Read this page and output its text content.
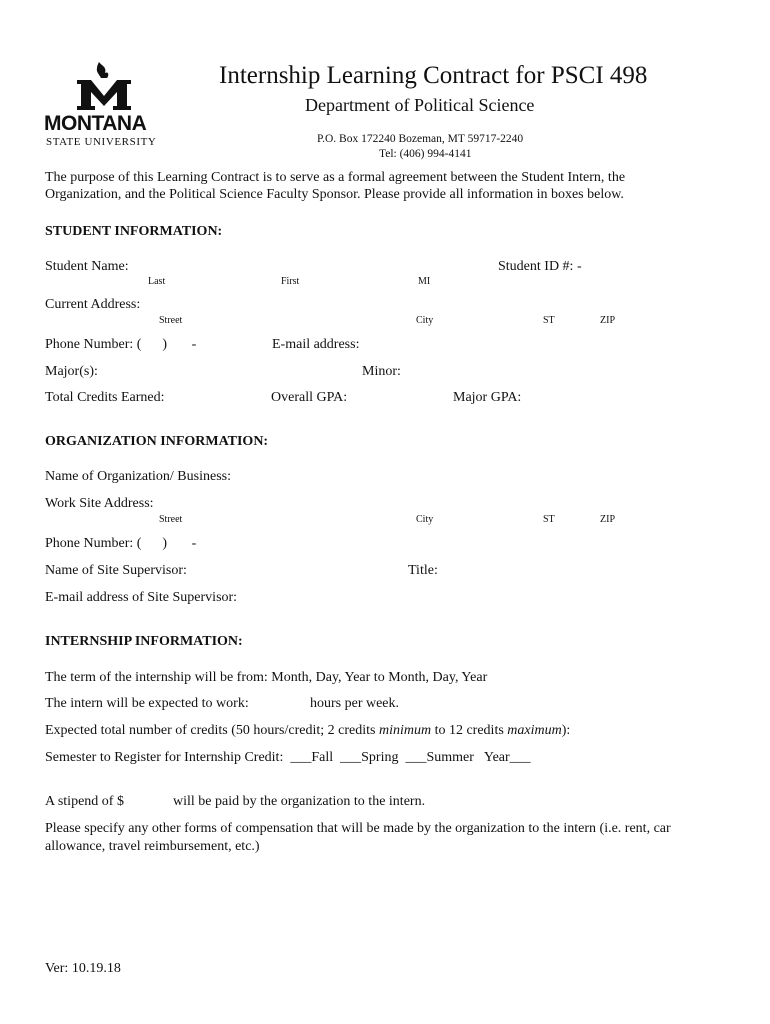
MONTANA
STATE UNIVERSITY
Internship Learning Contract for PSCI 498
Department of Political Science
P.O. Box 172240 Bozeman, MT 59717-2240
Tel: (406) 994-4141
The purpose of this Learning Contract is to serve as a formal agreement between the Student Intern, the
Organization, and the Political Science Faculty Sponsor. Please provide all information in boxes below.
STUDENT INFORMATION:
Student Name:	Student ID #: -
Last	First	MI
Current Address:
Street	City	ST	ZIP
Phone Number: (      )       -	E-mail address:
Major(s):	Minor:
Total Credits Earned:	Overall GPA:	Major GPA:
ORGANIZATION INFORMATION:
Name of Organization/ Business:
Work Site Address:
Street	City	ST	ZIP
Phone Number: (      )       -
Name of Site Supervisor:	Title:
E-mail address of Site Supervisor:
INTERNSHIP INFORMATION:
The term of the internship will be from: Month, Day, Year to Month, Day, Year
The intern will be expected to work:	hours per week.
Expected total number of credits (50 hours/credit; 2 credits minimum to 12 credits maximum):
Semester to Register for Internship Credit:  ___Fall  ___Spring  ___Summer   Year___
A stipend of $	will be paid by the organization to the intern.
Please specify any other forms of compensation that will be made by the organization to the intern (i.e. rent, car
allowance, travel reimbursement, etc.)
Ver: 10.19.18
